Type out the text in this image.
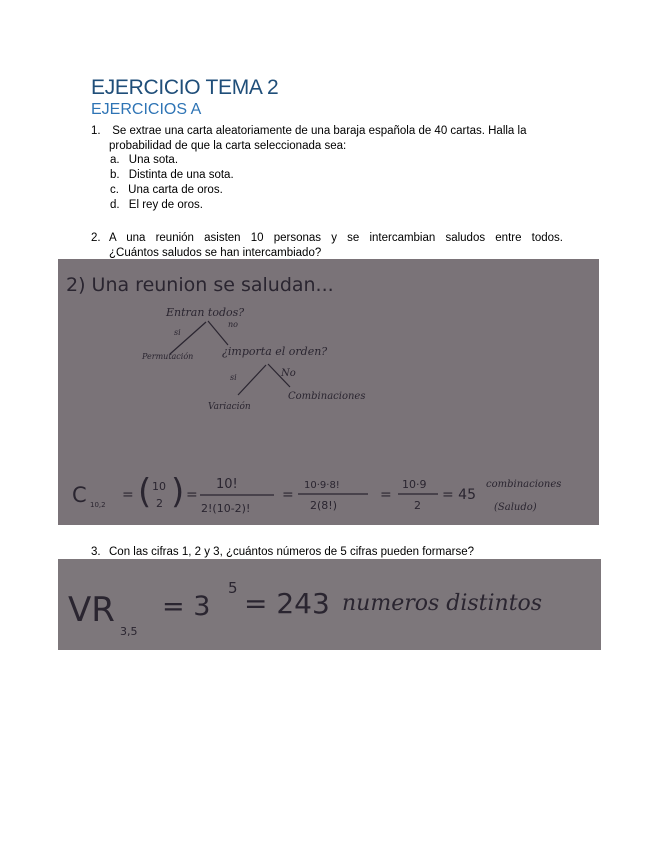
EJERCICIO TEMA 2
EJERCICIOS A
1. Se extrae una carta aleatoriamente de una baraja española de 40 cartas. Halla la probabilidad de que la carta seleccionada sea:
a. Una sota.
b. Distinta de una sota.
c. Una carta de oros.
d. El rey de oros.
2. A una reunión asisten 10 personas y se intercambian saludos entre todos.
¿Cuántos saludos se han intercambiado?
2) Una reunion se saludan...
Entran todos?
si
no
Permutación	¿importa el orden?
si	No
Variación
Combinaciones
C 10,2
= ( 10
2 ) =
10!
2!(10-2)!
=
10·9·8!
2(8!)
=
10·9
2
= 45
combinaciones
(Saludo)
3. Con las cifras 1, 2 y 3, ¿cuántos números de 5 cifras pueden formarse?
VR
3,5
= 3
5 = 243 numeros distintos
